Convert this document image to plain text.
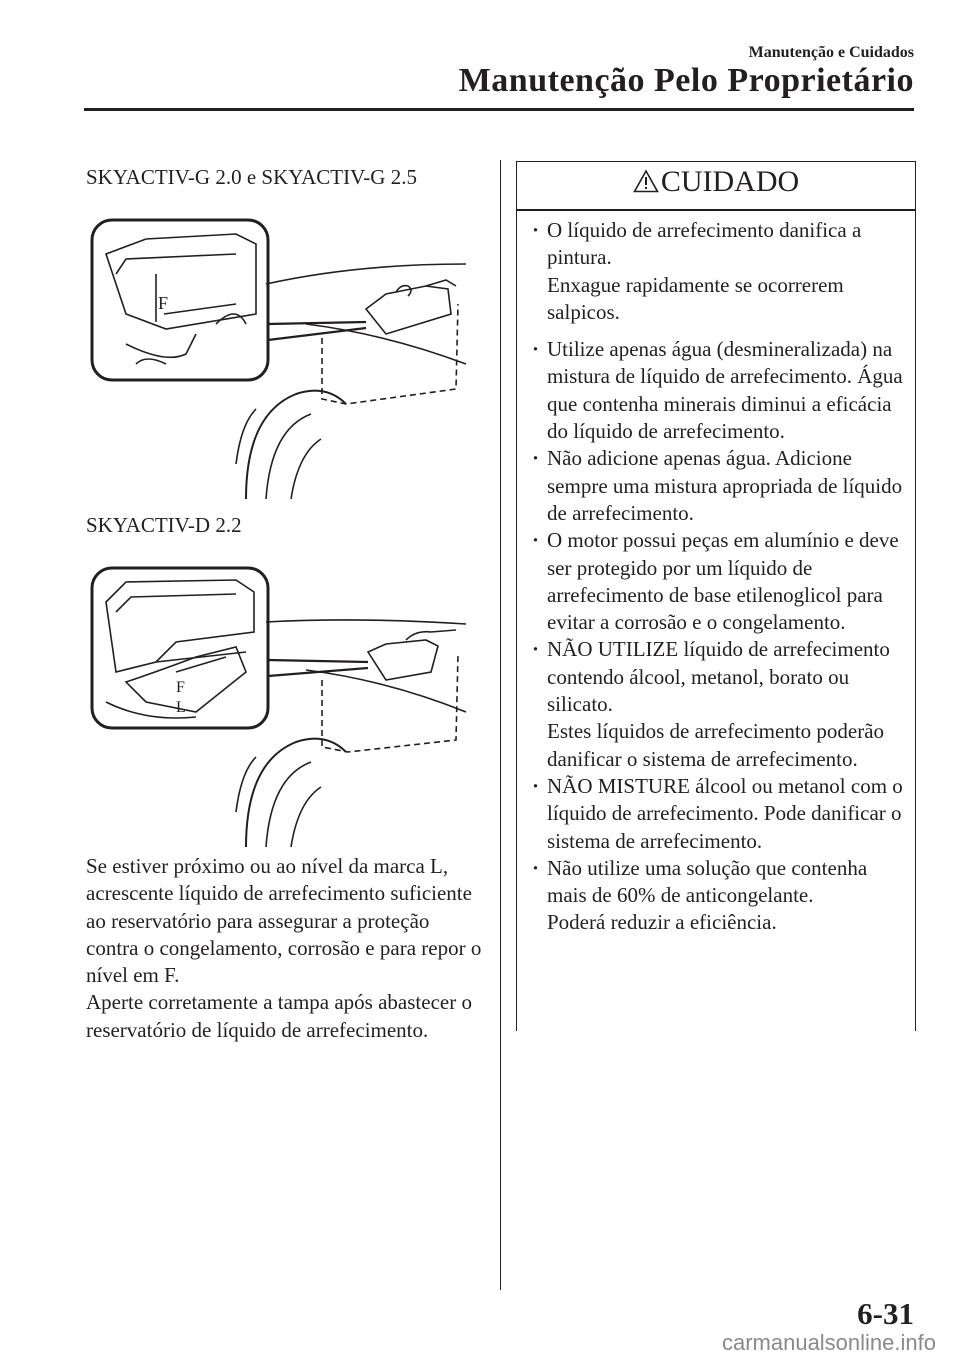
Manutenção e Cuidados
Manutenção Pelo Proprietário
SKYACTIV-G 2.0 e SKYACTIV-G 2.5
F
SKYACTIV-D 2.2
F
L

Se estiver próximo ou ao nível da marca L, acrescente líquido de arrefecimento suficiente ao reservatório para assegurar a proteção contra o congelamento, corrosão e para repor o nível em F.

Aperte corretamente a tampa após abastecer o reservatório de líquido de arrefecimento.

CUIDADO

· O líquido de arrefecimento danifica a pintura.

Enxague rapidamente se ocorrerem salpicos.

· Utilize apenas água (desmineralizada) na mistura de líquido de arrefecimento. Água que contenha minerais diminui a eficácia do líquido de arrefecimento.

· Não adicione apenas água. Adicione sempre uma mistura apropriada de líquido de arrefecimento.

· O motor possui peças em alumínio e deve ser protegido por um líquido de arrefecimento de base etilenoglicol para evitar a corrosão e o congelamento.

· NÃO UTILIZE líquido de arrefecimento contendo álcool, metanol, borato ou silicato.

Estes líquidos de arrefecimento poderão danificar o sistema de arrefecimento.

· NÃO MISTURE álcool ou metanol com o líquido de arrefecimento. Pode danificar o sistema de arrefecimento.

· Não utilize uma solução que contenha mais de 60% de anticongelante.

Poderá reduzir a eficiência.

6-31
carmanualsonline.info
